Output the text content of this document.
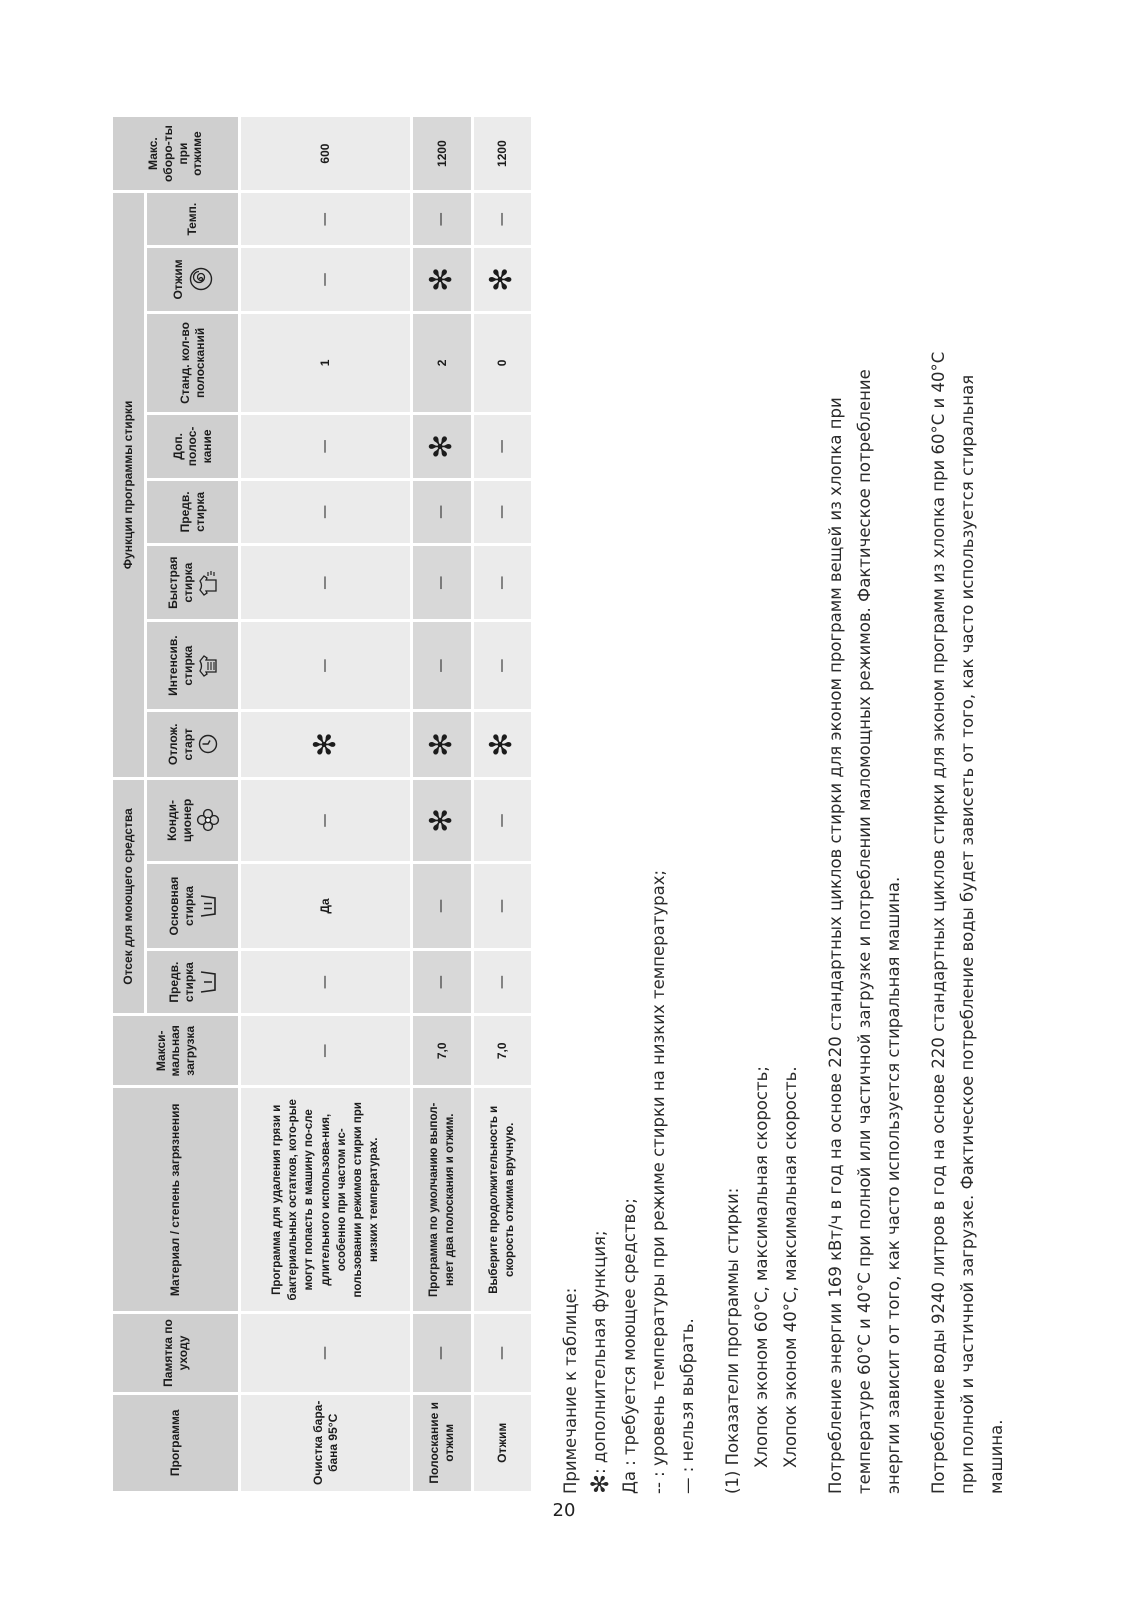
Программа	Памятка по уходу	Материал / степень загрязнения	Макси-мальная загрузка	Отсек для моющего средства			Функции программы стирки								Макс. оборо-ты при отжиме
				Предв. стирка	Основная стирка	Конди-ционер	Отлож. старт	Интенсив. стирка	Быстрая стирка	Предв. стирка	Доп. полос-кание	Станд. кол-во полосканий	Отжим	Темп.	
Очистка бара-бана 95°C	—	Программа для удаления грязи и бактериальных остатков, кото-рые могут попасть в машину по-сле длительного использова-ния, особенно при частом ис-пользовании режимов стирки при низких температурах.	—	—	Да	—	✻	—	—	—	—	1	—	—	600
Полоскание и отжим	—	Программа по умолчанию выпол-няет два полоскания и отжим.	7,0	—	—	✻	✻	—	—	—	✻	2	✻	—	1200
Отжим	—	Выберите продолжительность и скорость отжима вручную.	7,0	—	—	—	✻	—	—	—	—	0	✻	—	1200

Примечание к таблице: ✻: дополнительная функция; Да : требуется моющее средство; -- : уровень температуры при режиме стирки на низких температурах; — : нельзя выбрать.	(1) Показатели программы стирки: Хлопок эконом 60°C, максимальная скорость; Хлопок эконом 40°C, максимальная скорость.	Потребление энергии 169 кВт/ч в год на основе 220 стандартных циклов стирки для эконом программ вещей из хлопка при температуре 60°C и 40°C при полной или частичной загрузке и потреблении маломощных режимов. Фактическое потребление энергии зависит от того, как часто используется стиральная машина.	Потребление воды 9240 литров в год на основе 220 стандартных циклов стирки для эконом программ из хлопка при 60°C и 40°C при полной и частичной загрузке. Фактическое потребление воды будет зависеть от того, как часто используется стиральная машина.

20
